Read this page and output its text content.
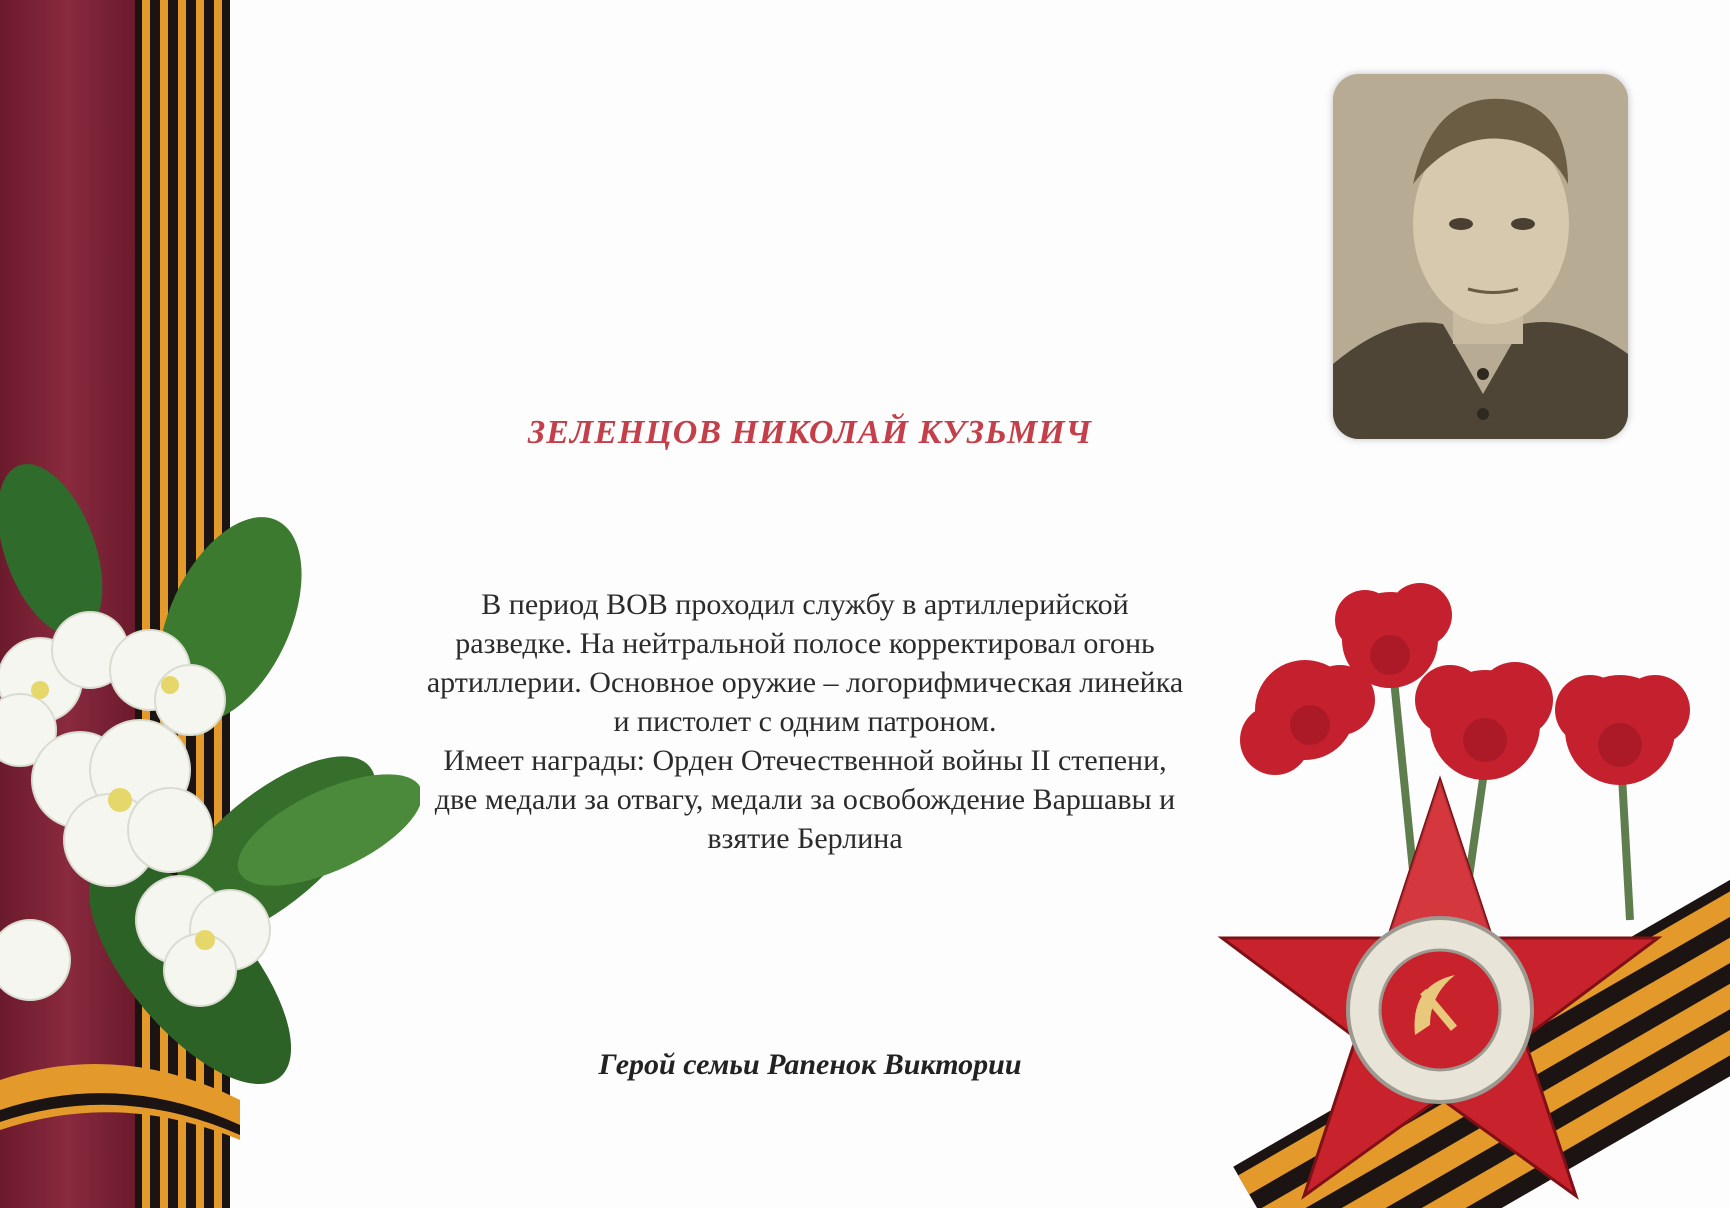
ЗЕЛЕНЦОВ НИКОЛАЙ КУЗЬМИЧ

В период ВОВ проходил службу в артиллерийской

разведке. На нейтральной полосе корректировал огонь

артиллерии. Основное оружие – логорифмическая линейка

и пистолет с одним патроном.

Имеет награды: Орден Отечественной войны II степени,

две медали за отвагу, медали за освобождение Варшавы и

взятие Берлина

Герой семьи Рапенок Виктории
